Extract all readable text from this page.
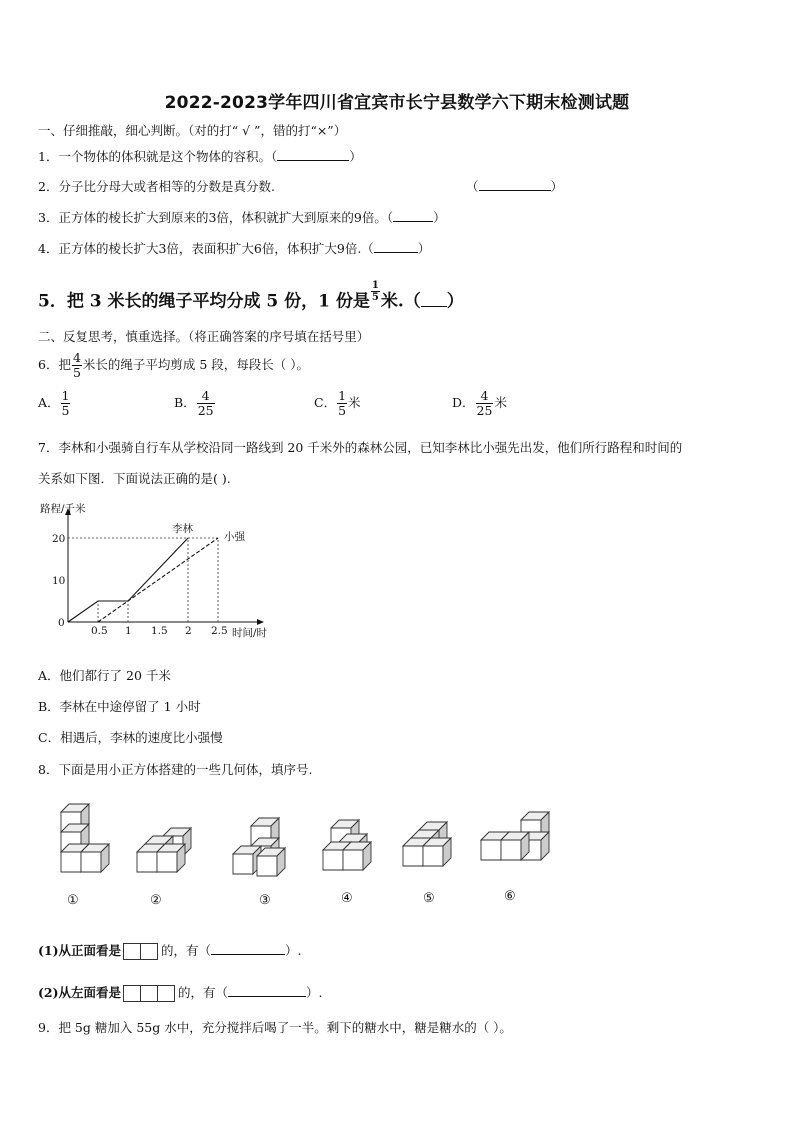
2022-2023学年四川省宜宾市长宁县数学六下期末检测试题
一、仔细推敲，细心判断。（对的打“ √ ”，错的打“×”）
1．一个物体的体积就是这个物体的容积。（	）
2．分子比分母大或者相等的分数是真分数.	（	）
3．正方体的棱长扩大到原来的3倍，体积就扩大到原来的9倍。（	）
4．正方体的棱长扩大3倍，表面积扩大6倍，体积扩大9倍.（	）
5．把 3 米长的绳子平均分成 5 份，1 份是 $\frac{1}{5}$ 米.（ ）
二、反复思考，慎重选择。（将正确答案的序号填在括号里）
6．把 $\frac{4}{5}$ 米长的绳子平均剪成 5 段，每段长（ ）。
A． $\frac{1}{5}$	B． $\frac{4}{25}$	C． $\frac{1}{5}$ 米	D． $\frac{4}{25}$ 米
7．李林和小强骑自行车从学校沿同一路线到 20 千米外的森林公园，已知李林比小强先出发，他们所行路程和时间的
关系如下图．下面说法正确的是( ).
路程/千米
时间/时
0.5 1 1.5 2 2.5
0
10
20
李林
小强
A．他们都行了 20 千米
B．李林在中途停留了 1 小时
C．相遇后，李林的速度比小强慢
8．下面是用小正方体搭建的一些几何体，填序号.
①	②	③	④	⑤	⑥
(1)从正面看是	的，有（	）.
(2)从左面看是	的，有（	）.
9．把 5g 糖加入 55g 水中，充分搅拌后喝了一半。剩下的糖水中，糖是糖水的（ ）。
